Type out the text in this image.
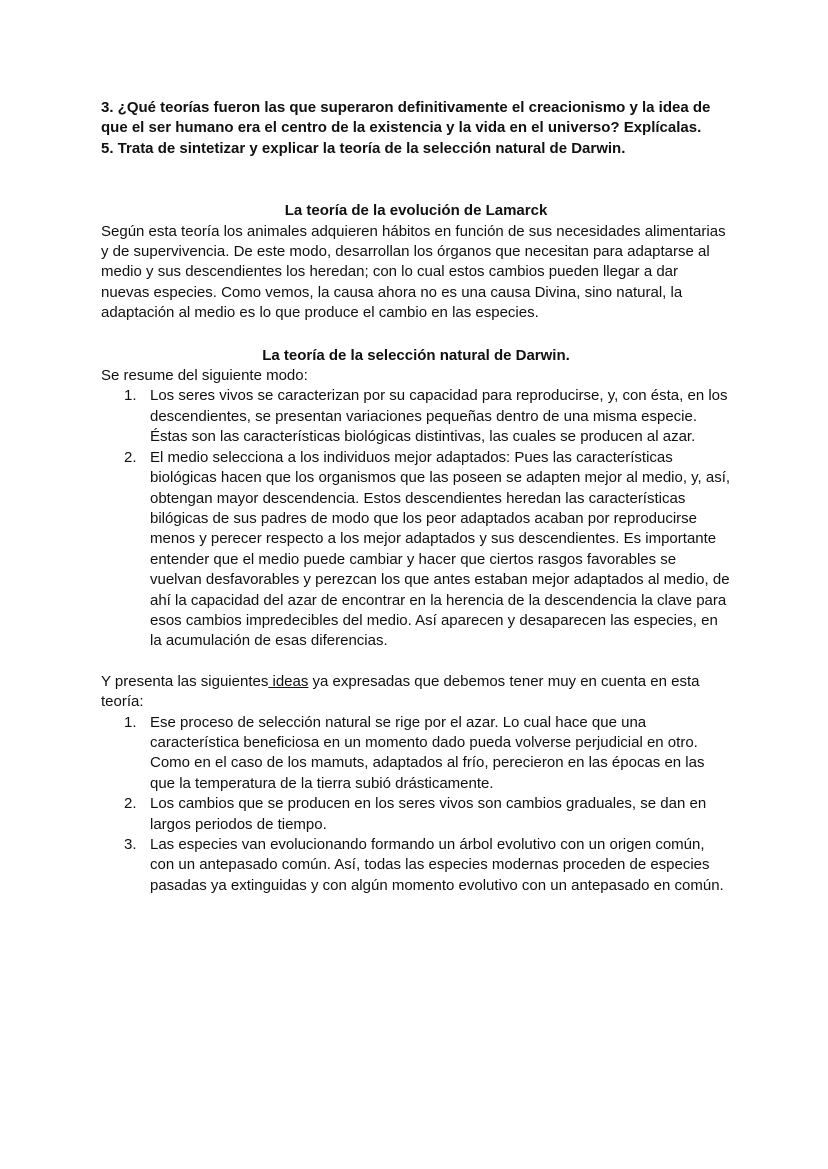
3. ¿Qué teorías fueron las que superaron definitivamente el creacionismo y la idea de que el ser humano era el centro de la existencia y la vida en el universo? Explícalas.

5. Trata de sintetizar y explicar la teoría de la selección natural de Darwin.

La teoría de la evolución de Lamarck

Según esta teoría los animales adquieren hábitos en función de sus necesidades alimentarias y de supervivencia. De este modo, desarrollan los órganos que necesitan para adaptarse al medio y sus descendientes los heredan; con lo cual estos cambios pueden llegar a dar nuevas especies. Como vemos, la causa ahora no es una causa Divina, sino natural, la adaptación al medio es lo que produce el cambio en las especies.

La teoría de la selección natural de Darwin.

Se resume del siguiente modo:

1. Los seres vivos se caracterizan por su capacidad para reproducirse, y, con ésta, en los descendientes, se presentan variaciones pequeñas dentro de una misma especie. Éstas son las características biológicas distintivas, las cuales se producen al azar.
2. El medio selecciona a los individuos mejor adaptados: Pues las características biológicas hacen que los organismos que las poseen se adapten mejor al medio, y, así, obtengan mayor descendencia. Estos descendientes heredan las características bilógicas de sus padres de modo que los peor adaptados acaban por reproducirse menos y perecer respecto a los mejor adaptados y sus descendientes. Es importante entender que el medio puede cambiar y hacer que ciertos rasgos favorables se vuelvan desfavorables y perezcan los que antes estaban mejor adaptados al medio, de ahí la capacidad del azar de encontrar en la herencia de la descendencia la clave para esos cambios impredecibles del medio. Así aparecen y desaparecen las especies, en la acumulación de esas diferencias.

Y presenta las siguientes ideas ya expresadas que debemos tener muy en cuenta en esta teoría:

1. Ese proceso de selección natural se rige por el azar. Lo cual hace que una característica beneficiosa en un momento dado pueda volverse perjudicial en otro. Como en el caso de los mamuts, adaptados al frío, perecieron en las épocas en las que la temperatura de la tierra subió drásticamente.
2. Los cambios que se producen en los seres vivos son cambios graduales, se dan en largos periodos de tiempo.
3. Las especies van evolucionando formando un árbol evolutivo con un origen común, con un antepasado común. Así, todas las especies modernas proceden de especies pasadas ya extinguidas y con algún momento evolutivo con un antepasado en común.
